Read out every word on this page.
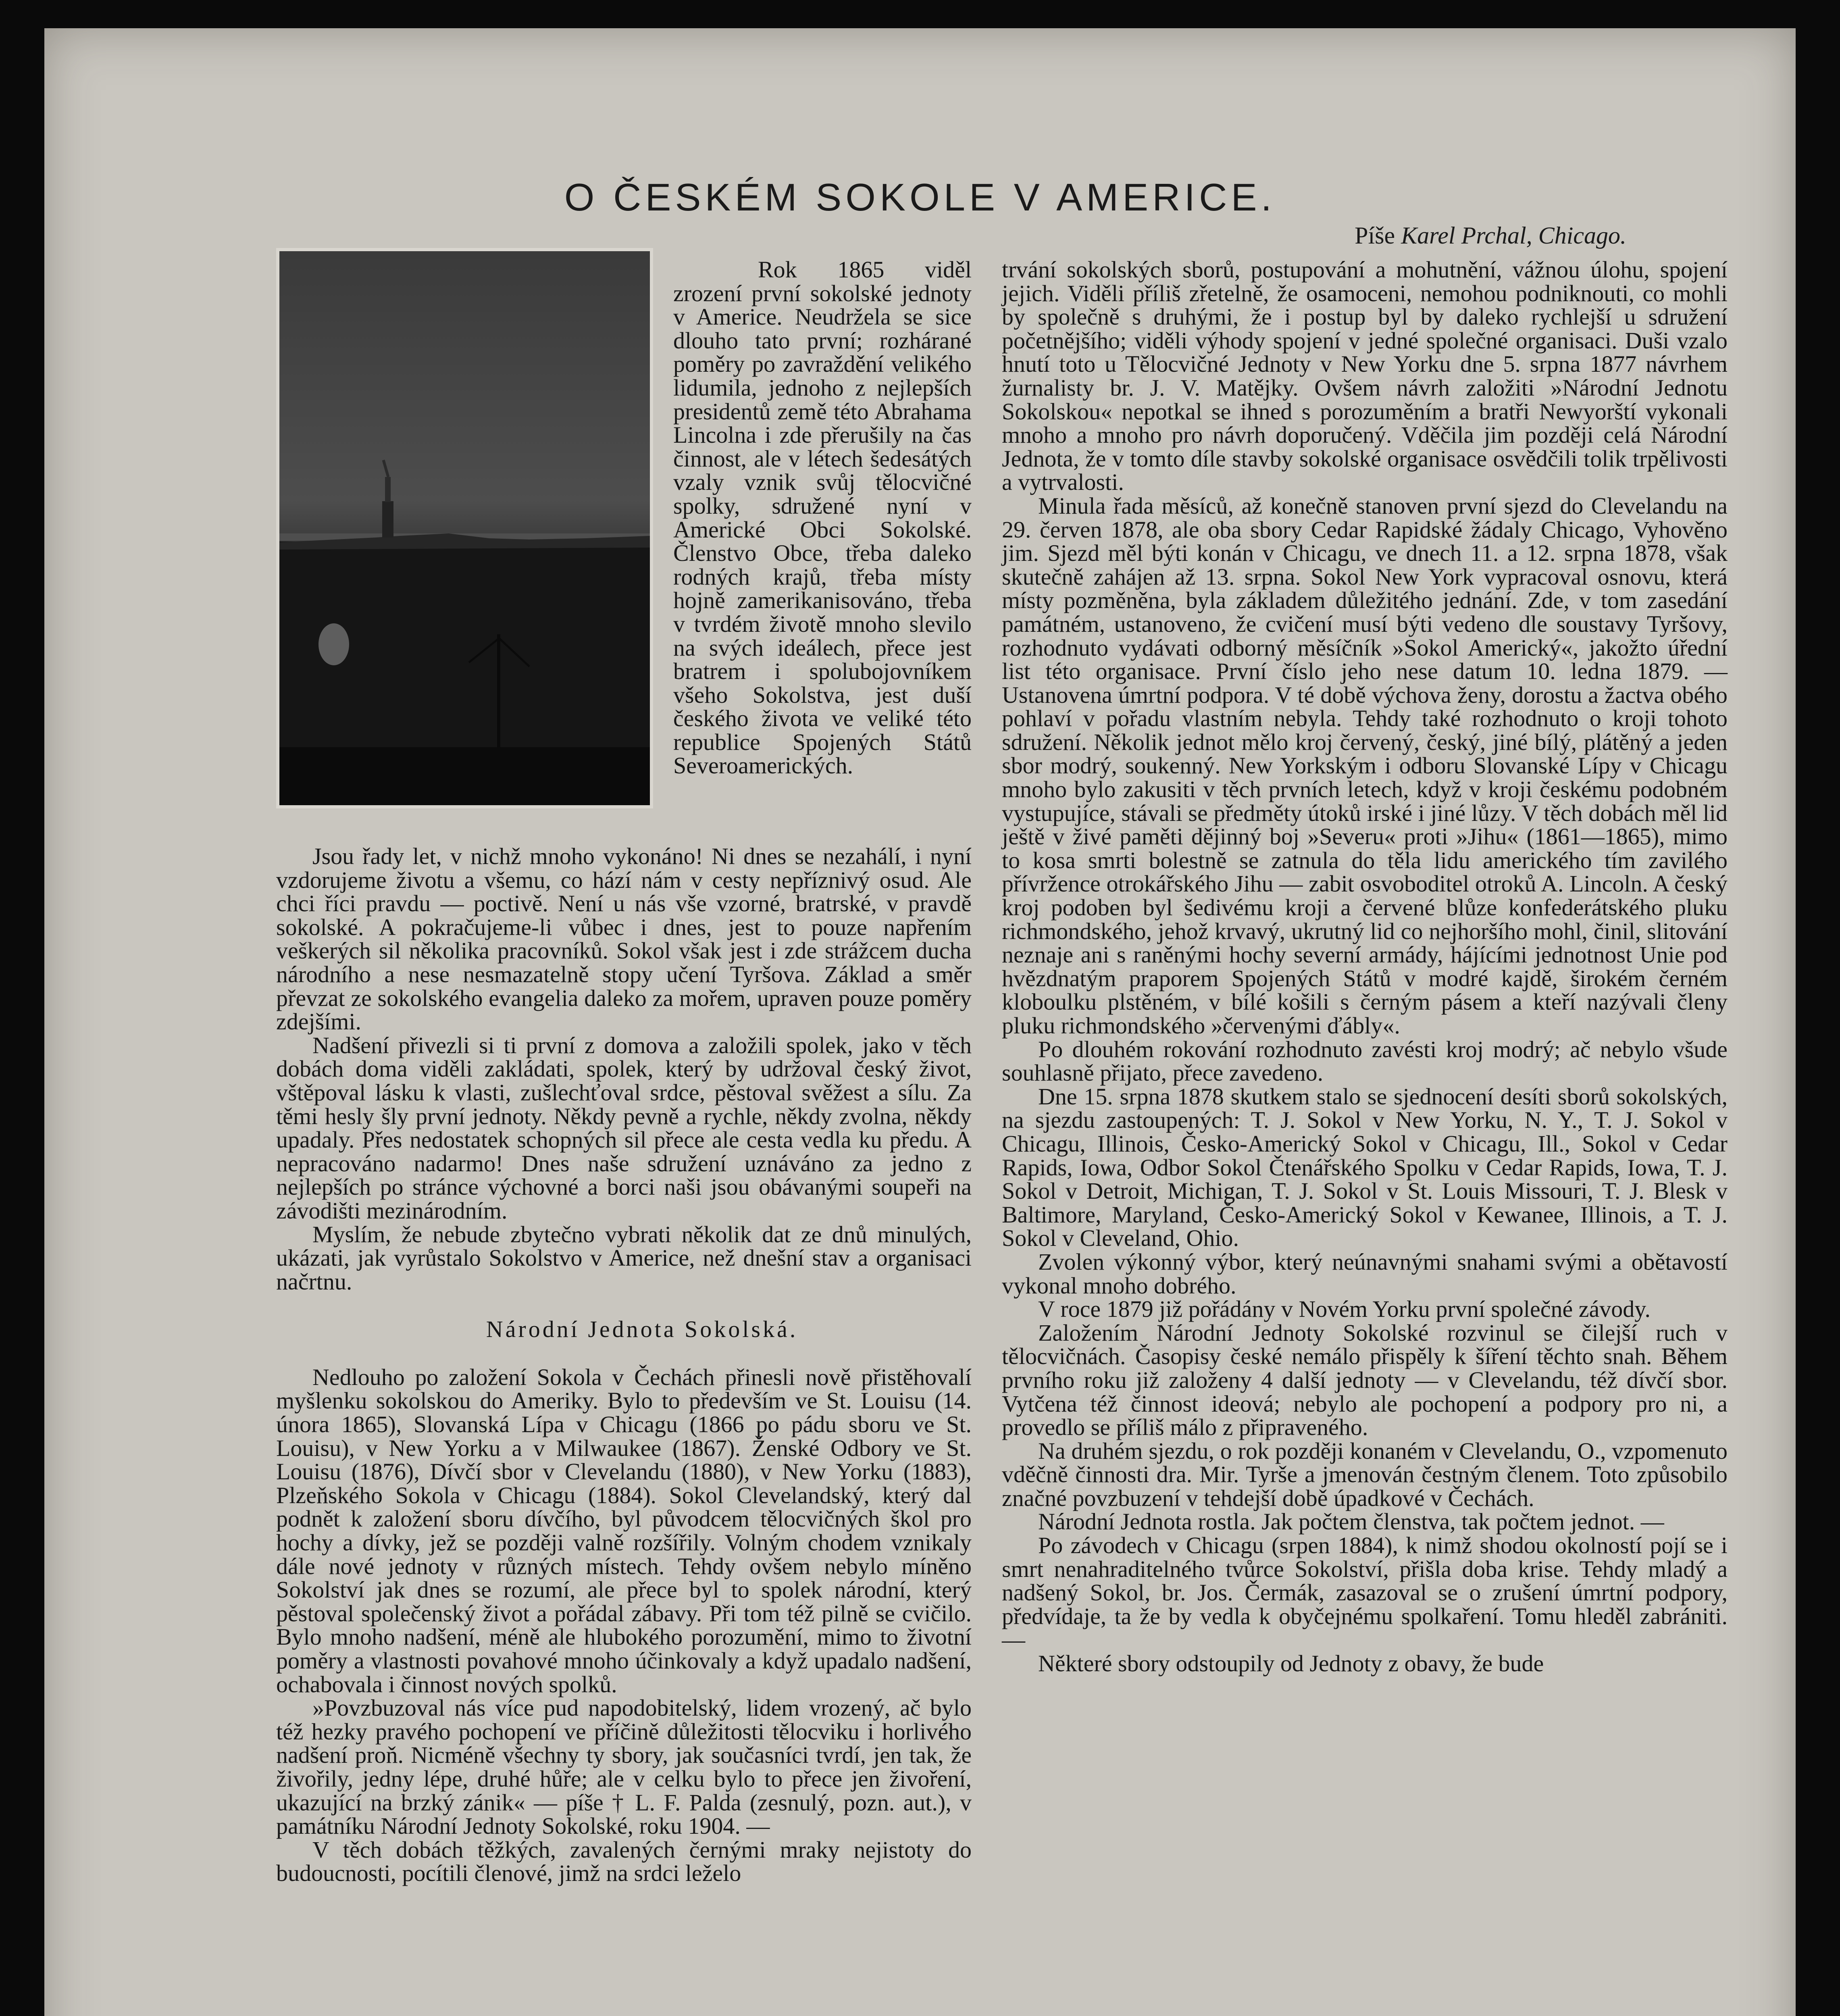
O ČESKÉM SOKOLE V AMERICE.
Píše Karel Prchal, Chicago.

Rok 1865 viděl zrození první sokolské jednoty v Americe. Neudržela se sice dlouho tato první; rozhárané poměry po zavraždění velikého lidumila, jednoho z nejlepších presidentů země této Abrahama Lincolna i zde přerušily na čas činnost, ale v létech šedesátých vzaly vznik svůj tělocvičné spolky, sdružené nyní v Americké Obci Sokolské. Členstvo Obce, třeba daleko rodných krajů, třeba místy hojně zamerikanisováno, třeba v tvrdém životě mnoho slevilo na svých ideálech, přece jest bratrem i spolubojovníkem všeho Sokolstva, jest duší českého života ve veliké této republice Spojených Států Severoamerických.

Jsou řady let, v nichž mnoho vykonáno! Ni dnes se nezahálí, i nyní vzdorujeme životu a všemu, co hází nám v cesty nepříznivý osud. Ale chci říci pravdu — poctivě. Není u nás vše vzorné, bratrské, v pravdě sokolské. A pokračujeme-li vůbec i dnes, jest to pouze napřením veškerých sil několika pracovníků. Sokol však jest i zde strážcem ducha národního a nese nesmazatelně stopy učení Tyršova. Základ a směr převzat ze sokolského evangelia daleko za mořem, upraven pouze poměry zdejšími.

Nadšení přivezli si ti první z domova a založili spolek, jako v těch dobách doma viděli zakládati, spolek, který by udržoval český život, vštěpoval lásku k vlasti, zušlechťoval srdce, pěstoval svěžest a sílu. Za těmi hesly šly první jednoty. Někdy pevně a rychle, někdy zvolna, někdy upadaly. Přes nedostatek schopných sil přece ale cesta vedla ku předu. A nepracováno nadarmo! Dnes naše sdružení uznáváno za jedno z nejlepších po stránce výchovné a borci naši jsou obávanými soupeři na závodišti mezinárodním.

Myslím, že nebude zbytečno vybrati několik dat ze dnů minulých, ukázati, jak vyrůstalo Sokolstvo v Americe, než dnešní stav a organisaci načrtnu.

Národní Jednota Sokolská.

Nedlouho po založení Sokola v Čechách přinesli nově přistěhovalí myšlenku sokolskou do Ameriky. Bylo to především ve St. Louisu (14. února 1865), Slovanská Lípa v Chicagu (1866 po pádu sboru ve St. Louisu), v New Yorku a v Milwaukee (1867). Ženské Odbory ve St. Louisu (1876), Dívčí sbor v Clevelandu (1880), v New Yorku (1883), Plzeňského Sokola v Chicagu (1884). Sokol Clevelandský, který dal podnět k založení sboru dívčího, byl původcem tělocvičných škol pro hochy a dívky, jež se později valně rozšířily. Volným chodem vznikaly dále nové jednoty v různých místech. Tehdy ovšem nebylo míněno Sokolství jak dnes se rozumí, ale přece byl to spolek národní, který pěstoval společenský život a pořádal zábavy. Při tom též pilně se cvičilo. Bylo mnoho nadšení, méně ale hlubokého porozumění, mimo to životní poměry a vlastnosti povahové mnoho účinkovaly a když upadalo nadšení, ochabovala i činnost nových spolků.

»Povzbuzoval nás více pud napodobitelský, lidem vrozený, ač bylo též hezky pravého pochopení ve příčině důležitosti tělocviku i horlivého nadšení proň. Nicméně všechny ty sbory, jak současníci tvrdí, jen tak, že živořily, jedny lépe, druhé hůře; ale v celku bylo to přece jen živoření, ukazující na brzký zánik« — píše † L. F. Palda (zesnulý, pozn. aut.), v památníku Národní Jednoty Sokolské, roku 1904. —

V těch dobách těžkých, zavalených černými mraky nejistoty do budoucnosti, pocítili členové, jimž na srdci leželo

trvání sokolských sborů, postupování a mohutnění, vážnou úlohu, spojení jejich. Viděli příliš zřetelně, že osamoceni, nemohou podniknouti, co mohli by společně s druhými, že i postup byl by daleko rychlejší u sdružení početnějšího; viděli výhody spojení v jedné společné organisaci. Duši vzalo hnutí toto u Tělocvičné Jednoty v New Yorku dne 5. srpna 1877 návrhem žurnalisty br. J. V. Matějky. Ovšem návrh založiti »Národní Jednotu Sokolskou« nepotkal se ihned s porozuměním a bratři Newyorští vykonali mnoho a mnoho pro návrh doporučený. Vděčila jim později celá Národní Jednota, že v tomto díle stavby sokolské organisace osvědčili tolik trpělivosti a vytrvalosti.

Minula řada měsíců, až konečně stanoven první sjezd do Clevelandu na 29. červen 1878, ale oba sbory Cedar Rapidské žádaly Chicago, Vyhověno jim. Sjezd měl býti konán v Chicagu, ve dnech 11. a 12. srpna 1878, však skutečně zahájen až 13. srpna. Sokol New York vypracoval osnovu, která místy pozměněna, byla základem důležitého jednání. Zde, v tom zasedání památném, ustanoveno, že cvičení musí býti vedeno dle soustavy Tyršovy, rozhodnuto vydávati odborný měsíčník »Sokol Americký«, jakožto úřední list této organisace. První číslo jeho nese datum 10. ledna 1879. — Ustanovena úmrtní podpora. V té době výchova ženy, dorostu a žactva obého pohlaví v pořadu vlastním nebyla. Tehdy také rozhodnuto o kroji tohoto sdružení. Několik jednot mělo kroj červený, český, jiné bílý, plátěný a jeden sbor modrý, soukenný. New Yorkským i odboru Slovanské Lípy v Chicagu mnoho bylo zakusiti v těch prvních letech, když v kroji českému podobném vystupujíce, stávali se předměty útoků irské i jiné lůzy. V těch dobách měl lid ještě v živé paměti dějinný boj »Severu« proti »Jihu« (1861—1865), mimo to kosa smrti bolestně se zatnula do těla lidu amerického tím zavilého přívržence otrokářského Jihu — zabit osvoboditel otroků A. Lincoln. A český kroj podoben byl šedivému kroji a červené blůze konfederátského pluku richmondského, jehož krvavý, ukrutný lid co nejhoršího mohl, činil, slitování neznaje ani s raněnými hochy severní armády, hájícími jednotnost Unie pod hvězdnatým praporem Spojených Států v modré kajdě, širokém černém kloboulku plstěném, v bílé košili s černým pásem a kteří nazývali členy pluku richmondského »červenými ďábly«.

Po dlouhém rokování rozhodnuto zavésti kroj modrý; ač nebylo všude souhlasně přijato, přece zavedeno.

Dne 15. srpna 1878 skutkem stalo se sjednocení desíti sborů sokolských, na sjezdu zastoupených: T. J. Sokol v New Yorku, N. Y., T. J. Sokol v Chicagu, Illinois, Česko-Americký Sokol v Chicagu, Ill., Sokol v Cedar Rapids, Iowa, Odbor Sokol Čtenářského Spolku v Cedar Rapids, Iowa, T. J. Sokol v Detroit, Michigan, T. J. Sokol v St. Louis Missouri, T. J. Blesk v Baltimore, Maryland, Česko-Americký Sokol v Kewanee, Illinois, a T. J. Sokol v Cleveland, Ohio.

Zvolen výkonný výbor, který neúnavnými snahami svými a obětavostí vykonal mnoho dobrého.

V roce 1879 již pořádány v Novém Yorku první společné závody.

Založením Národní Jednoty Sokolské rozvinul se čilejší ruch v tělocvičnách. Časopisy české nemálo přispěly k šíření těchto snah. Během prvního roku již založeny 4 další jednoty — v Clevelandu, též dívčí sbor. Vytčena též činnost ideová; nebylo ale pochopení a podpory pro ni, a provedlo se příliš málo z připraveného.

Na druhém sjezdu, o rok později konaném v Clevelandu, O., vzpomenuto vděčně činnosti dra. Mir. Tyrše a jmenován čestným členem. Toto způsobilo značné povzbuzení v tehdejší době úpadkové v Čechách.

Národní Jednota rostla. Jak počtem členstva, tak počtem jednot. —

Po závodech v Chicagu (srpen 1884), k nimž shodou okolností pojí se i smrt nenahraditelného tvůrce Sokolství, přišla doba krise. Tehdy mladý a nadšený Sokol, br. Jos. Čermák, zasazoval se o zrušení úmrtní podpory, předvídaje, ta že by vedla k obyčejnému spolkaření. Tomu hleděl zabrániti. —

Některé sbory odstoupily od Jednoty z obavy, že bude
